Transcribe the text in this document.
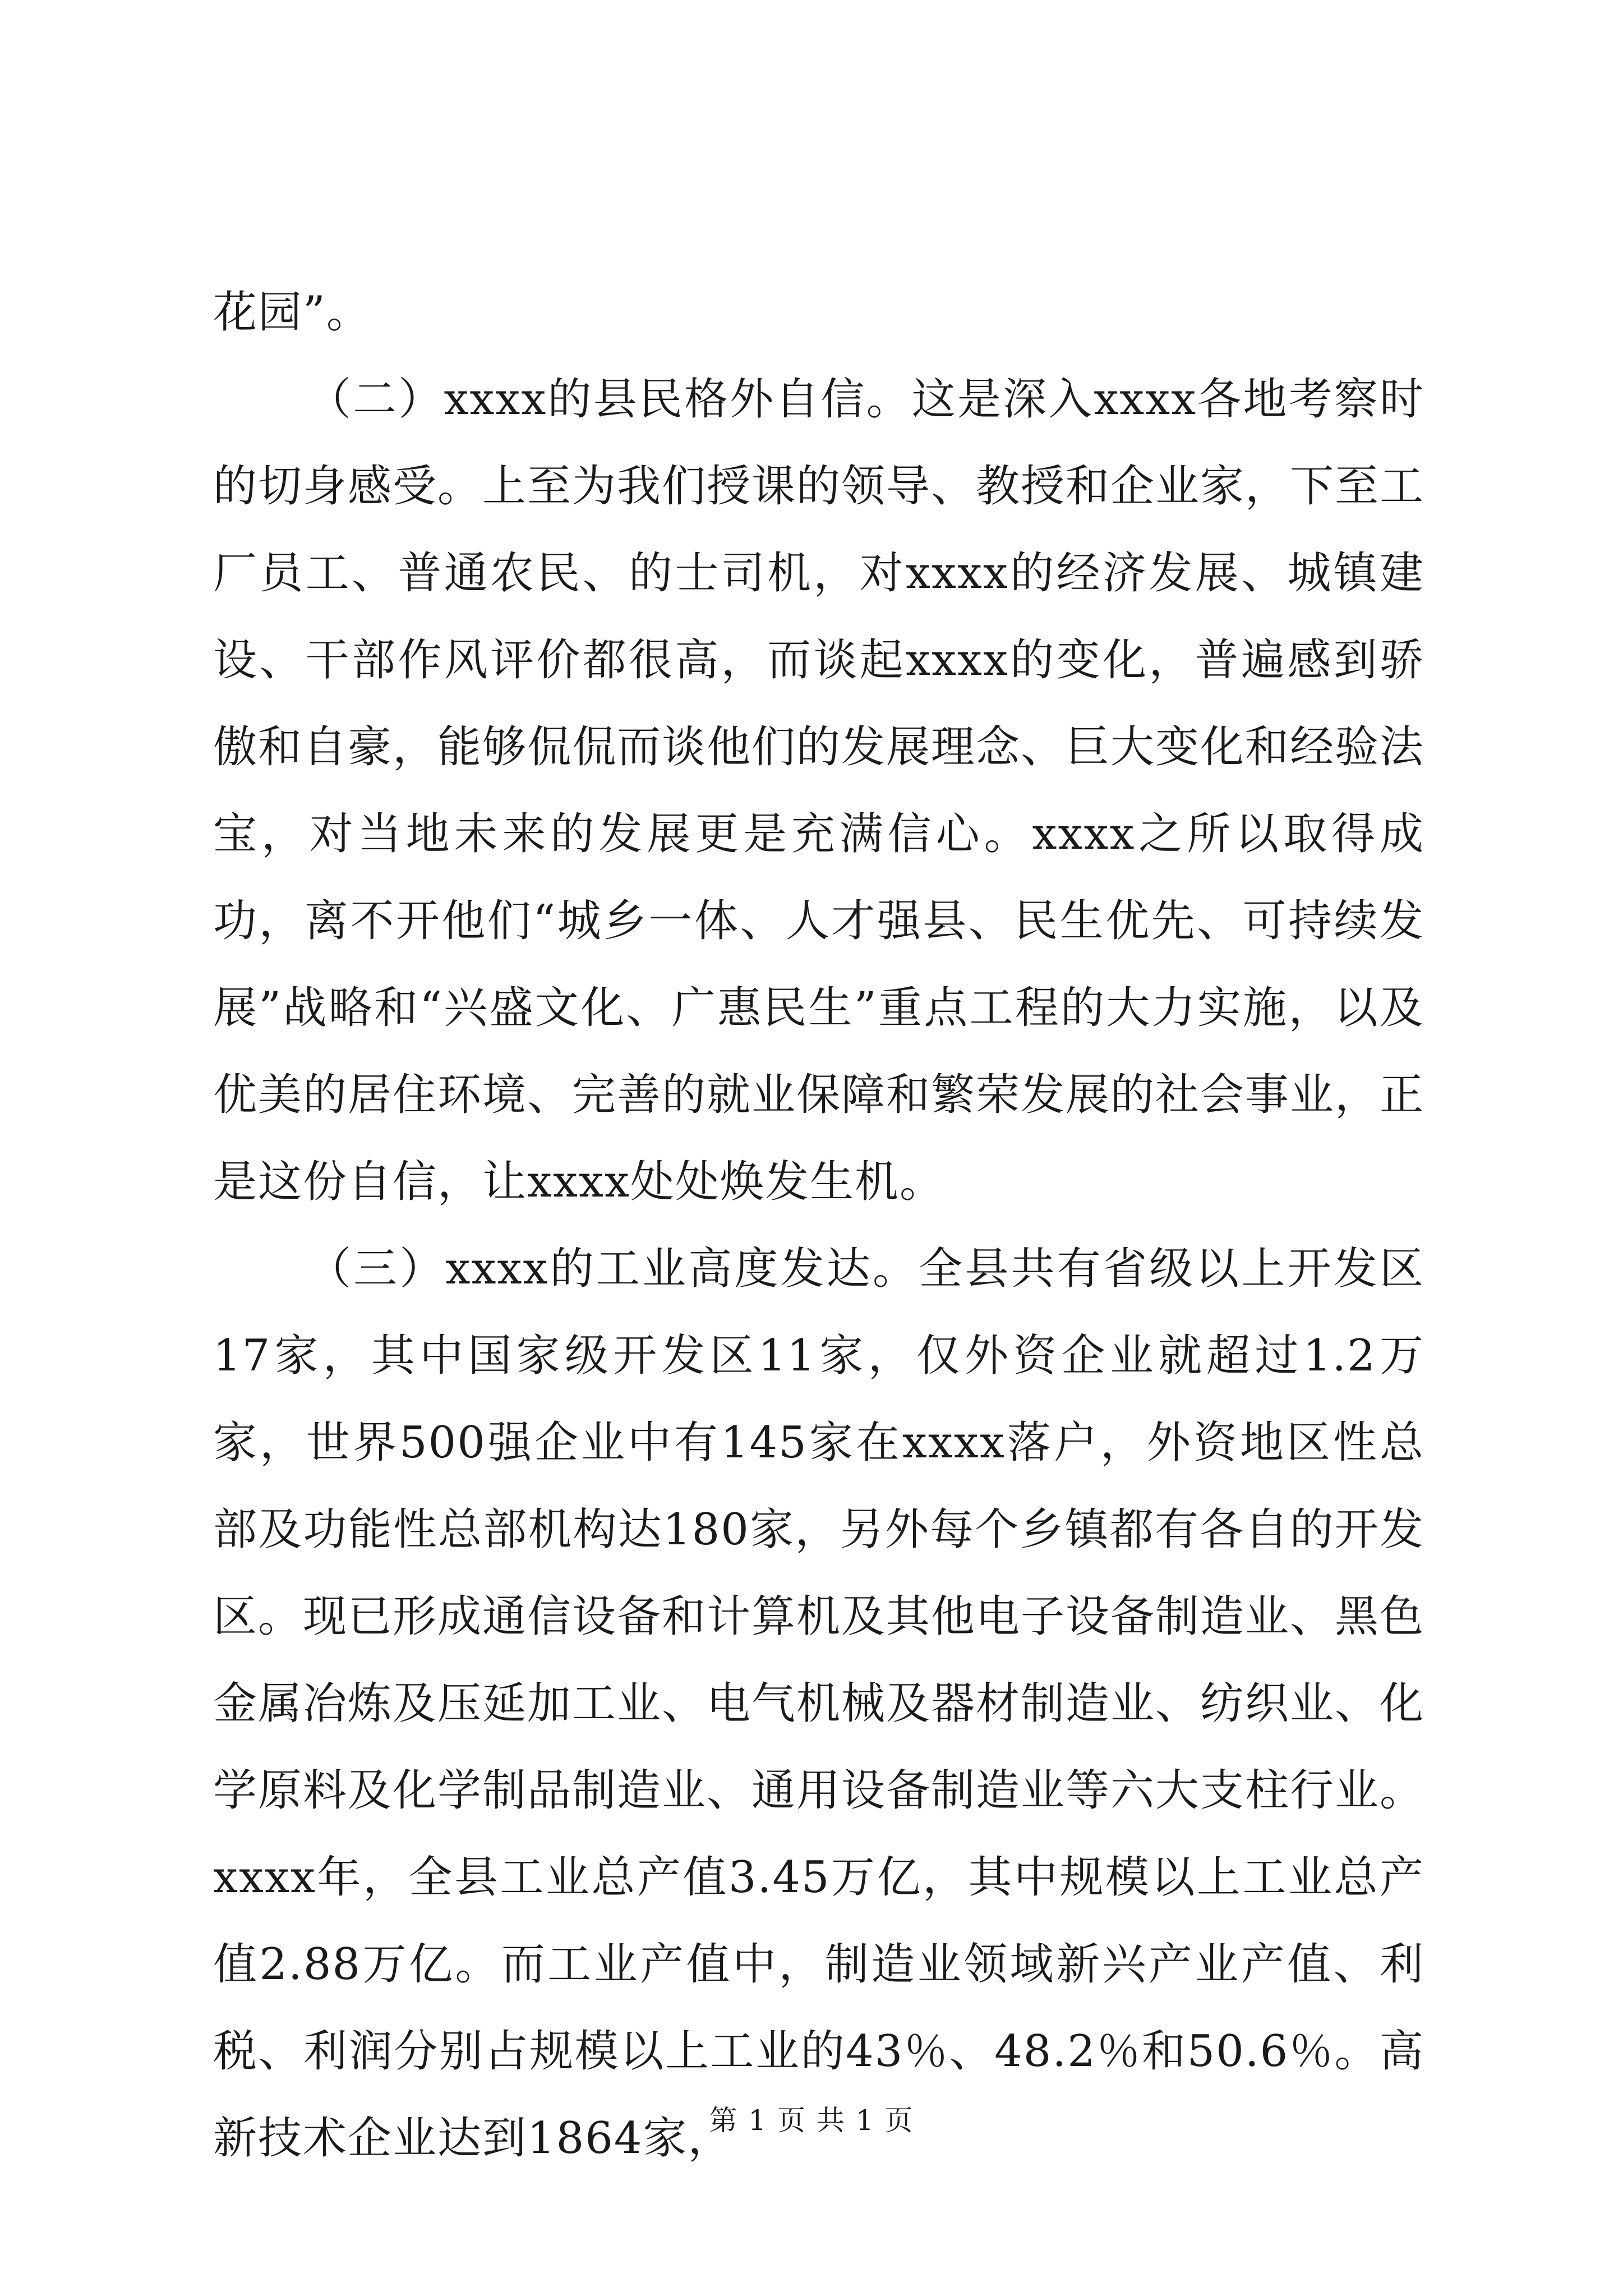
花园”。

（二）xxxx的县民格外自信。这是深入xxxx各地考察时的切身感受。上至为我们授课的领导、教授和企业家，下至工厂员工、普通农民、的士司机，对xxxx的经济发展、城镇建设、干部作风评价都很高，而谈起xxxx的变化，普遍感到骄傲和自豪，能够侃侃而谈他们的发展理念、巨大变化和经验法宝，对当地未来的发展更是充满信心。xxxx之所以取得成功，离不开他们“城乡一体、人才强县、民生优先、可持续发展”战略和“兴盛文化、广惠民生”重点工程的大力实施，以及优美的居住环境、完善的就业保障和繁荣发展的社会事业，正是这份自信，让xxxx处处焕发生机。

（三）xxxx的工业高度发达。全县共有省级以上开发区17家，其中国家级开发区11家，仅外资企业就超过1.2万家，世界500强企业中有145家在xxxx落户，外资地区性总部及功能性总部机构达180家，另外每个乡镇都有各自的开发区。现已形成通信设备和计算机及其他电子设备制造业、黑色金属冶炼及压延加工业、电气机械及器材制造业、纺织业、化学原料及化学制品制造业、通用设备制造业等六大支柱行业。xxxx年，全县工业总产值3.45万亿，其中规模以上工业总产值2.88万亿。而工业产值中，制造业领域新兴产业产值、利税、利润分别占规模以上工业的43％、48.2％和50.6％。高新技术企业达到1864家，

第 1 页 共 1 页
